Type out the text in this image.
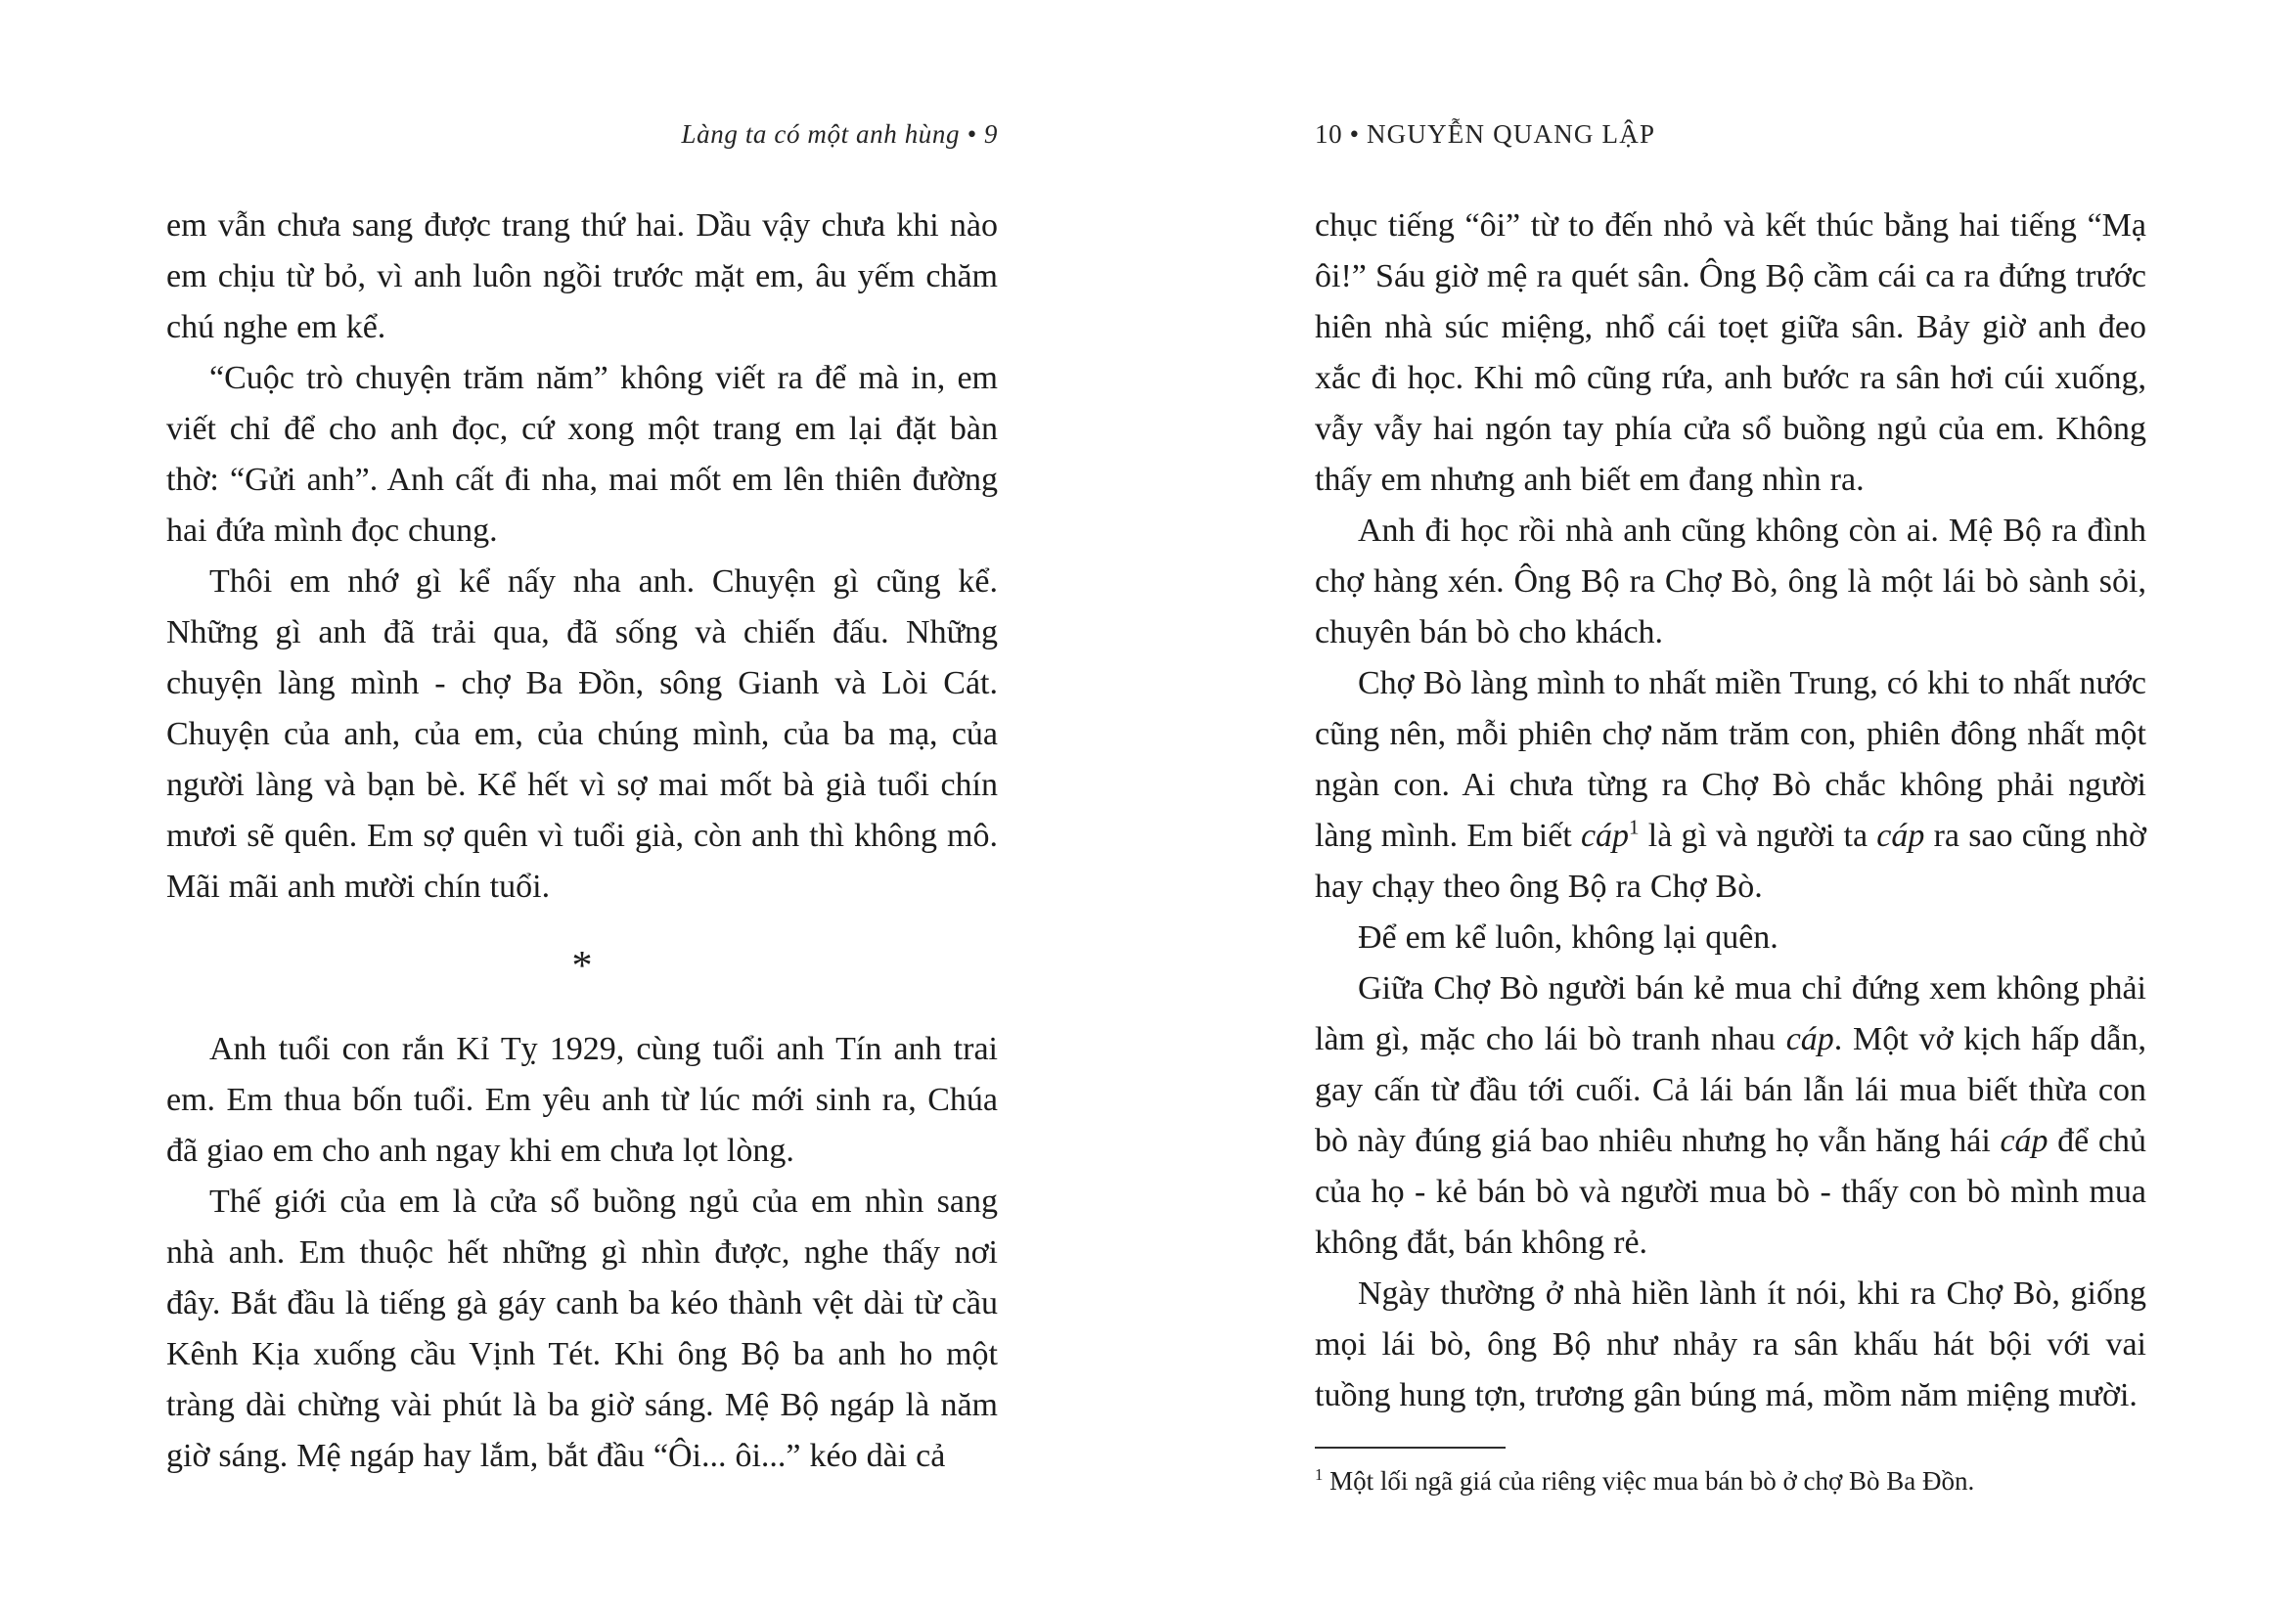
Làng ta có một anh hùng • 9

em vẫn chưa sang được trang thứ hai. Dầu vậy chưa khi nào em chịu từ bỏ, vì anh luôn ngồi trước mặt em, âu yếm chăm chú nghe em kể.

“Cuộc trò chuyện trăm năm” không viết ra để mà in, em viết chỉ để cho anh đọc, cứ xong một trang em lại đặt bàn thờ: “Gửi anh”. Anh cất đi nha, mai mốt em lên thiên đường hai đứa mình đọc chung.

Thôi em nhớ gì kể nấy nha anh. Chuyện gì cũng kể. Những gì anh đã trải qua, đã sống và chiến đấu. Những chuyện làng mình - chợ Ba Đồn, sông Gianh và Lòi Cát. Chuyện của anh, của em, của chúng mình, của ba mạ, của người làng và bạn bè. Kể hết vì sợ mai mốt bà già tuổi chín mươi sẽ quên. Em sợ quên vì tuổi già, còn anh thì không mô. Mãi mãi anh mười chín tuổi.

*

Anh tuổi con rắn Kỉ Tỵ 1929, cùng tuổi anh Tín anh trai em. Em thua bốn tuổi. Em yêu anh từ lúc mới sinh ra, Chúa đã giao em cho anh ngay khi em chưa lọt lòng.

Thế giới của em là cửa sổ buồng ngủ của em nhìn sang nhà anh. Em thuộc hết những gì nhìn được, nghe thấy nơi đây. Bắt đầu là tiếng gà gáy canh ba kéo thành vệt dài từ cầu Kênh Kịa xuống cầu Vịnh Tét. Khi ông Bộ ba anh ho một tràng dài chừng vài phút là ba giờ sáng. Mệ Bộ ngáp là năm giờ sáng. Mệ ngáp hay lắm, bắt đầu “Ôi... ôi...” kéo dài cả

10 • NGUYỄN QUANG LẬP

chục tiếng “ôi” từ to đến nhỏ và kết thúc bằng hai tiếng “Mạ ôi!” Sáu giờ mệ ra quét sân. Ông Bộ cầm cái ca ra đứng trước hiên nhà súc miệng, nhổ cái toẹt giữa sân. Bảy giờ anh đeo xắc đi học. Khi mô cũng rứa, anh bước ra sân hơi cúi xuống, vẫy vẫy hai ngón tay phía cửa sổ buồng ngủ của em. Không thấy em nhưng anh biết em đang nhìn ra.

Anh đi học rồi nhà anh cũng không còn ai. Mệ Bộ ra đình chợ hàng xén. Ông Bộ ra Chợ Bò, ông là một lái bò sành sỏi, chuyên bán bò cho khách.

Chợ Bò làng mình to nhất miền Trung, có khi to nhất nước cũng nên, mỗi phiên chợ năm trăm con, phiên đông nhất một ngàn con. Ai chưa từng ra Chợ Bò chắc không phải người làng mình. Em biết cáp$^1$ là gì và người ta cáp ra sao cũng nhờ hay chạy theo ông Bộ ra Chợ Bò.

Để em kể luôn, không lại quên.

Giữa Chợ Bò người bán kẻ mua chỉ đứng xem không phải làm gì, mặc cho lái bò tranh nhau cáp. Một vở kịch hấp dẫn, gay cấn từ đầu tới cuối. Cả lái bán lẫn lái mua biết thừa con bò này đúng giá bao nhiêu nhưng họ vẫn hăng hái cáp để chủ của họ - kẻ bán bò và người mua bò - thấy con bò mình mua không đắt, bán không rẻ.

Ngày thường ở nhà hiền lành ít nói, khi ra Chợ Bò, giống mọi lái bò, ông Bộ như nhảy ra sân khấu hát bội với vai tuồng hung tợn, trương gân búng má, mồm năm miệng mười.

$^1$ Một lối ngã giá của riêng việc mua bán bò ở chợ Bò Ba Đồn.
